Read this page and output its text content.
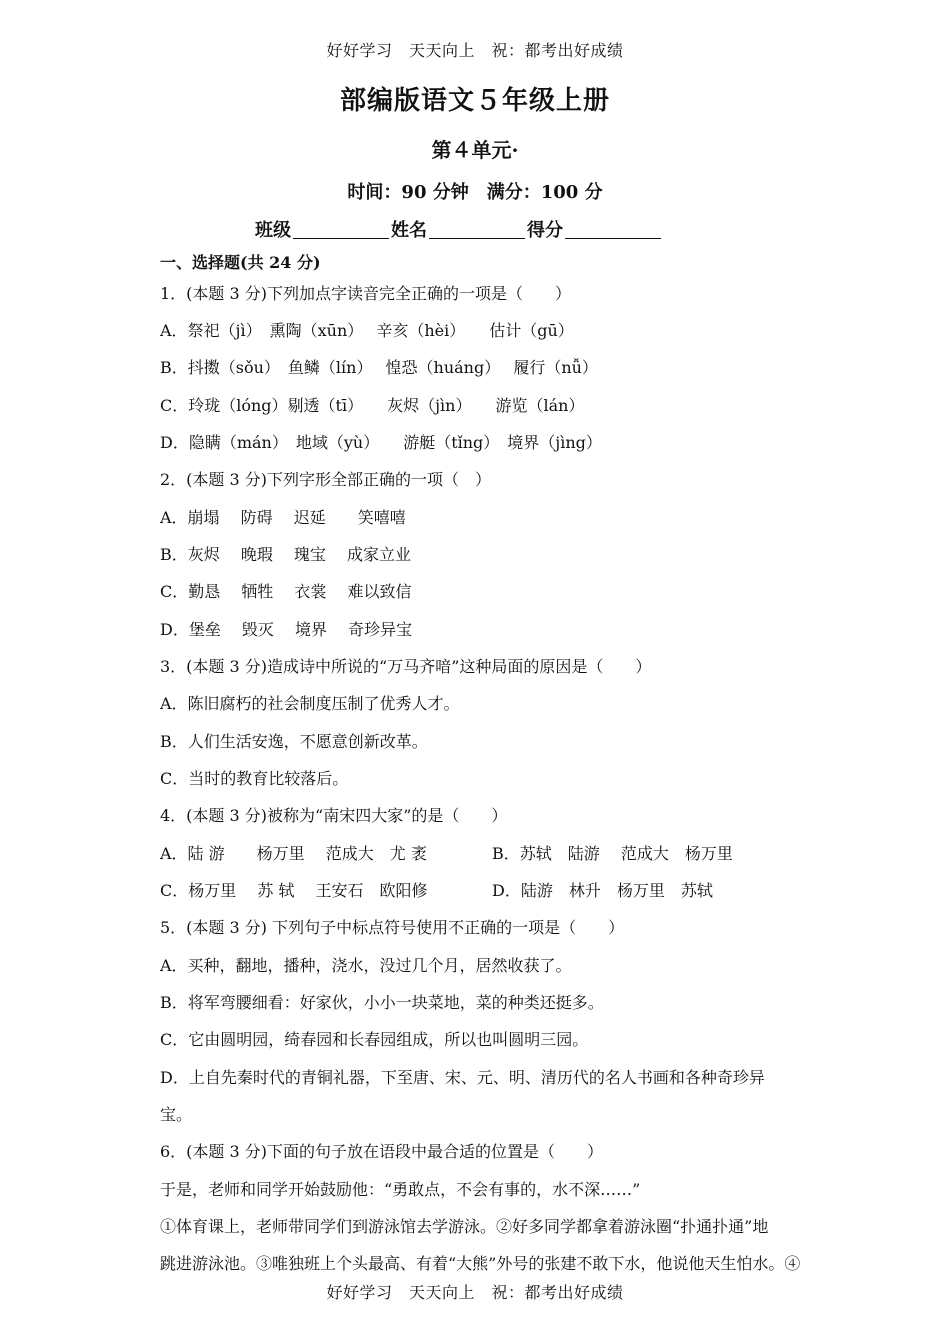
好好学习　天天向上　祝：都考出好成绩
部编版语文５年级上册
第４单元·
时间：90 分钟　满分：100 分
班级	姓名	得分
一、选择题(共 24 分)
1．(本题 3 分)下列加点字读音完全正确的一项是（　　）
A．祭祀（jì）　熏陶（xūn）　 辛亥（hèi）　　估计（gū）
B．抖擞（sǒu）　鱼鳞（lín）　 惶恐（huáng）　 履行（nǚ）
C．玲珑（lóng）剔透（tī）　　灰烬（jìn）　　游览（lán）
D．隐瞒（mán）　地域（yù）　　游艇（tǐng）　境界（jìng）
2．(本题 3 分)下列字形全部正确的一项（　）
A．崩塌　 防碍　 迟延　　笑嘻嘻
B．灰烬　 晚瑕　 瑰宝　 成家立业
C．勤恳　 牺牲　 衣裳　 难以致信
D．堡垒　 毁灭　 境界　 奇珍异宝
3．(本题 3 分)造成诗中所说的“万马齐喑”这种局面的原因是（　　）
A．陈旧腐朽的社会制度压制了优秀人才。
B．人们生活安逸，不愿意创新改革。
C．当时的教育比较落后。
4．(本题 3 分)被称为“南宋四大家”的是（　　）
A．陆 游　　杨万里　 范成大　尤 袤	B．苏轼　陆游　 范成大　杨万里
C．杨万里　 苏 轼　 王安石　欧阳修	D．陆游　林升　杨万里　苏轼
5．(本题 3 分) 下列句子中标点符号使用不正确的一项是（　　）
A．买种，翻地，播种，浇水，没过几个月，居然收获了。
B．将军弯腰细看：好家伙，小小一块菜地，菜的种类还挺多。
C．它由圆明园，绮春园和长春园组成，所以也叫圆明三园。
D．上自先秦时代的青铜礼器，下至唐、宋、元、明、清历代的名人书画和各种奇珍异
宝。
6．(本题 3 分)下面的句子放在语段中最合适的位置是（　　）
于是，老师和同学开始鼓励他：“勇敢点，不会有事的，水不深……”
①体育课上，老师带同学们到游泳馆去学游泳。②好多同学都拿着游泳圈“扑通扑通”地
跳进游泳池。③唯独班上个头最高、有着“大熊”外号的张建不敢下水，他说他天生怕水。④
好好学习　天天向上　祝：都考出好成绩
